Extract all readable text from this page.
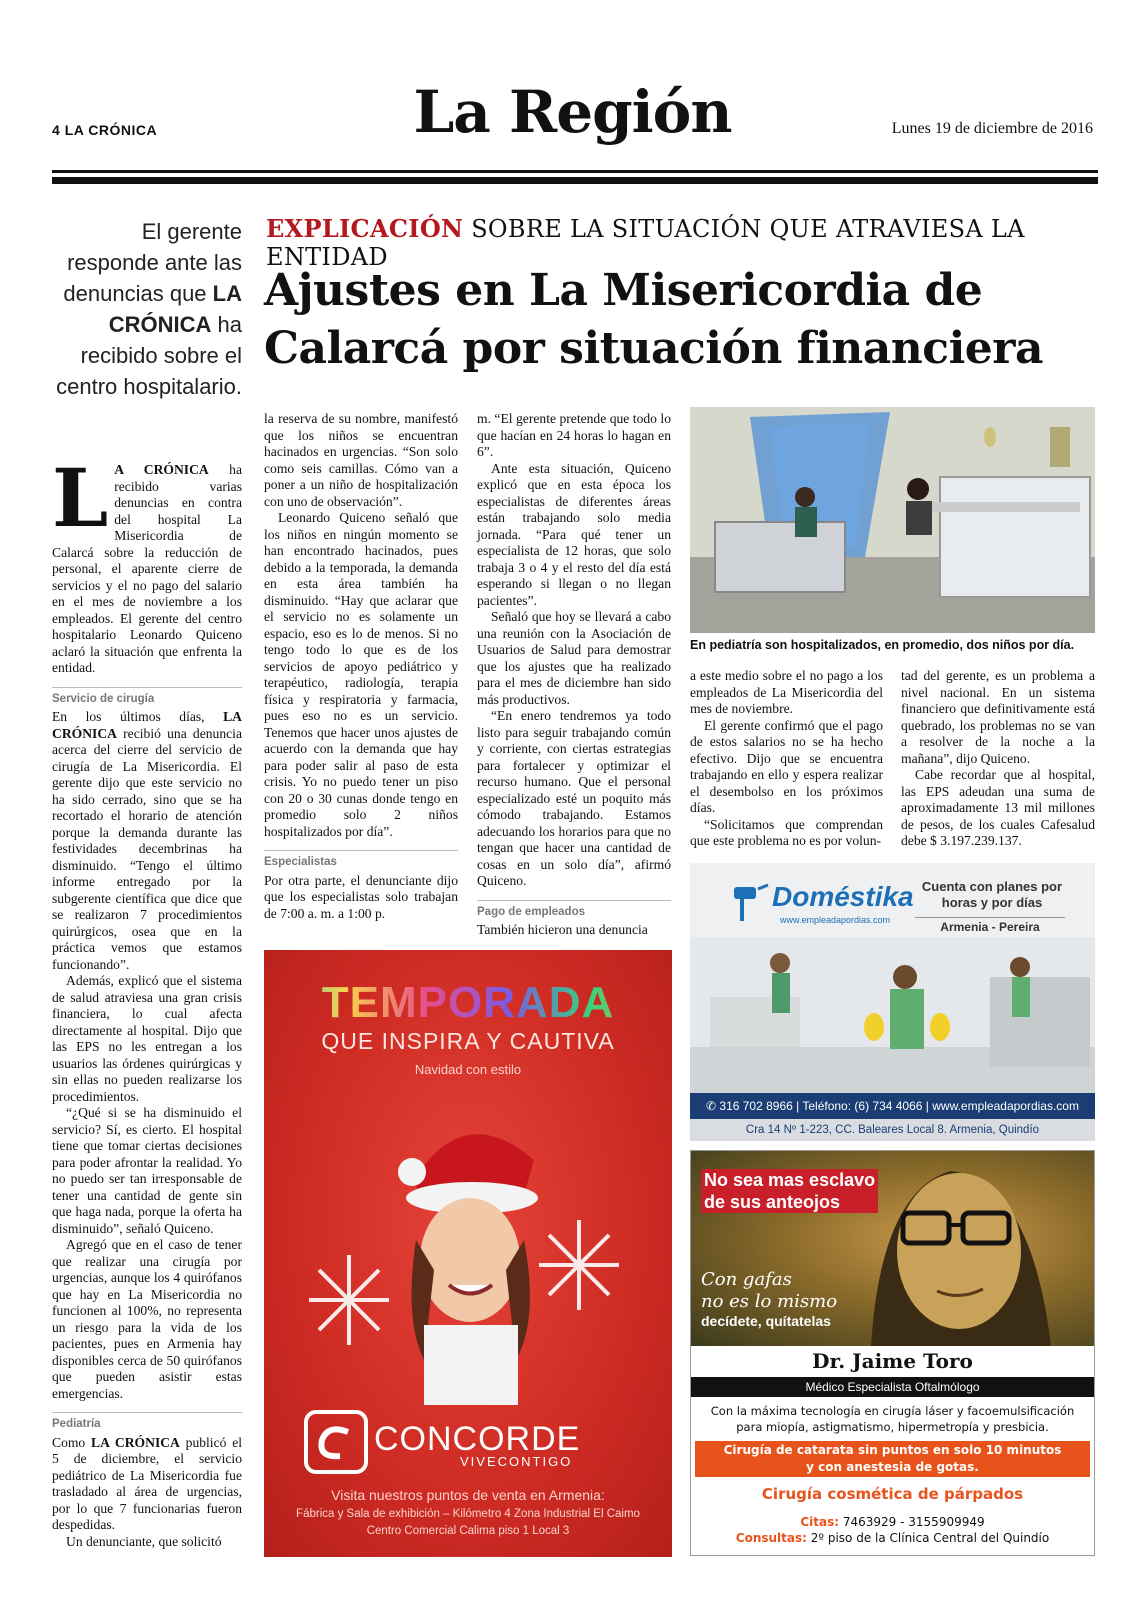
4 LA CRÓNICA	La Región	Lunes 19 de diciembre de 2016
El gerente responde ante las denuncias que LA CRÓNICA ha recibido sobre el centro hospitalario.
EXPLICACIÓN SOBRE LA SITUACIÓN QUE ATRAVIESA LA ENTIDAD
Ajustes en La Misericordia de Calarcá por situación financiera

L A CRÓNICA ha recibido varias denuncias en contra del hospital La Misericordia de Calarcá sobre la reducción de personal, el aparente cierre de servicios y el no pago del salario en el mes de noviembre a los empleados. El gerente del centro hospitalario Leonardo Quiceno aclaró la situación que enfrenta la entidad.

Servicio de cirugía

En los últimos días, LA CRÓNICA recibió una denuncia acerca del cierre del servicio de cirugía de La Misericordia. El gerente dijo que este servicio no ha sido cerrado, sino que se ha recortado el horario de atención porque la demanda durante las festividades decembrinas ha disminuido. “Tengo el último informe entregado por la subgerente científica que dice que se realizaron 7 procedimientos quirúrgicos, osea que en la práctica vemos que estamos funcionando”.

Además, explicó que el sistema de salud atraviesa una gran crisis financiera, lo cual afecta directamente al hospital. Dijo que las EPS no les entregan a los usuarios las órdenes quirúrgicas y sin ellas no pueden realizarse los procedimientos.

“¿Qué si se ha disminuido el servicio? Sí, es cierto. El hospital tiene que tomar ciertas decisiones para poder afrontar la realidad. Yo no puedo ser tan irresponsable de tener una cantidad de gente sin que haga nada, porque la oferta ha disminuido”, señaló Quiceno.

Agregó que en el caso de tener que realizar una cirugía por urgencias, aunque los 4 quirófanos que hay en La Misericordia no funcionen al 100%, no representa un riesgo para la vida de los pacientes, pues en Armenia hay disponibles cerca de 50 quirófanos que pueden asistir estas emergencias.

Pediatría

Como LA CRÓNICA publicó el 5 de diciembre, el servicio pediátrico de La Misericordia fue trasladado al área de urgencias, por lo que 7 funcionarias fueron despedidas.

Un denunciante, que solicitó

la reserva de su nombre, manifestó que los niños se encuentran hacinados en urgencias. “Son solo como seis camillas. Cómo van a poner a un niño de hospitalización con uno de observación”.

Leonardo Quiceno señaló que los niños en ningún momento se han encontrado hacinados, pues debido a la temporada, la demanda en esta área también ha disminuido. “Hay que aclarar que el servicio no es solamente un espacio, eso es lo de menos. Si no tengo todo lo que es de los servicios de apoyo pediátrico y terapéutico, radiología, terapia física y respiratoria y farmacia, pues eso no es un servicio. Tenemos que hacer unos ajustes de acuerdo con la demanda que hay para poder salir al paso de esta crisis. Yo no puedo tener un piso con 20 o 30 cunas donde tengo en promedio solo 2 niños hospitalizados por día”.

Especialistas

Por otra parte, el denunciante dijo que los especialistas solo trabajan de 7:00 a. m. a 1:00 p.

m. “El gerente pretende que todo lo que hacían en 24 horas lo hagan en 6”.

Ante esta situación, Quiceno explicó que en esta época los especialistas de diferentes áreas están trabajando solo media jornada. “Para qué tener un especialista de 12 horas, que solo trabaja 3 o 4 y el resto del día está esperando si llegan o no llegan pacientes”.

Señaló que hoy se llevará a cabo una reunión con la Asociación de Usuarios de Salud para demostrar que los ajustes que ha realizado para el mes de diciembre han sido más productivos.

“En enero tendremos ya todo listo para seguir trabajando común y corriente, con ciertas estrategias para fortalecer y optimizar el recurso humano. Que el personal especializado esté un poquito más cómodo trabajando. Estamos adecuando los horarios para que no tengan que hacer una cantidad de cosas en un solo día”, afirmó Quiceno.

Pago de empleados

También hicieron una denuncia

En pediatría son hospitalizados, en promedio, dos niños por día.

a este medio sobre el no pago a los empleados de La Misericordia del mes de noviembre.

El gerente confirmó que el pago de estos salarios no se ha hecho efectivo. Dijo que se encuentra trabajando en ello y espera realizar el desembolso en los próximos días.

“Solicitamos que comprendan que este problema no es por volun-

tad del gerente, es un problema a nivel nacional. En un sistema financiero que definitivamente está quebrado, los problemas no se van a resolver de la noche a la mañana”, dijo Quiceno.

Cabe recordar que al hospital, las EPS adeudan una suma de aproximadamente 13 mil millones de pesos, de los cuales Cafesalud debe $ 3.197.239.137.

TEMPORADA
QUE INSPIRA Y CAUTIVA
Navidad con estilo
CONCORDE
VIVECONTIGO
Visita nuestros puntos de venta en Armenia:
Fábrica y Sala de exhibición – Kilómetro 4 Zona Industrial El Caimo
Centro Comercial Calima piso 1 Local 3
Doméstika
www.empleadapordias.com
Cuenta con planes por horas y por días
Armenia - Pereira
✆ 316 702 8966 | Teléfono: (6) 734 4066 | www.empleadapordias.com
Cra 14 Nº 1-223, CC. Baleares Local 8. Armenia, Quindío
No sea mas esclavo
de sus anteojos
Con gafas
no es lo mismo
decídete, quítatelas
Dr. Jaime Toro
Médico Especialista Oftalmólogo
Con la máxima tecnología en cirugía láser y facoemulsificación
para miopía, astigmatismo, hipermetropía y presbicia.
Cirugía de catarata sin puntos en solo 10 minutos
y con anestesia de gotas.
Cirugía cosmética de párpados
Citas: 7463929 - 3155909949
Consultas: 2º piso de la Clínica Central del Quindío
